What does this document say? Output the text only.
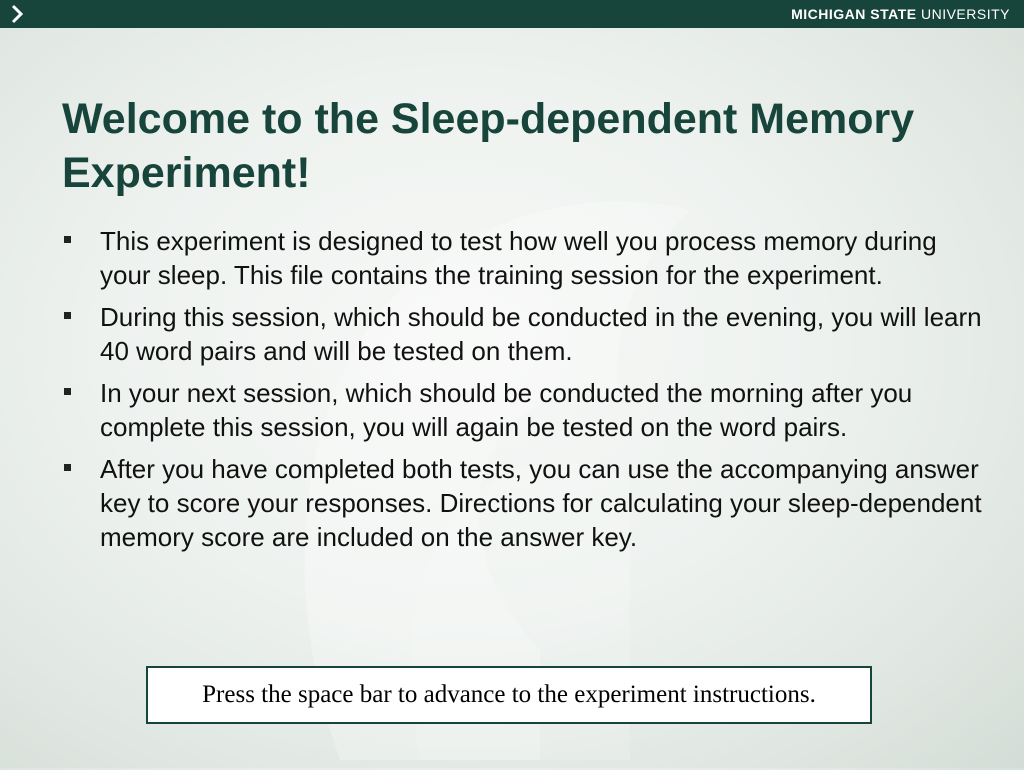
MICHIGAN STATE UNIVERSITY
Welcome to the Sleep-dependent Memory Experiment!
This experiment is designed to test how well you process memory during your sleep. This file contains the training session for the experiment.
During this session, which should be conducted in the evening, you will learn 40 word pairs and will be tested on them.
In your next session, which should be conducted the morning after you complete this session, you will again be tested on the word pairs.
After you have completed both tests, you can use the accompanying answer key to score your responses. Directions for calculating your sleep-dependent memory score are included on the answer key.
Press the space bar to advance to the experiment instructions.
